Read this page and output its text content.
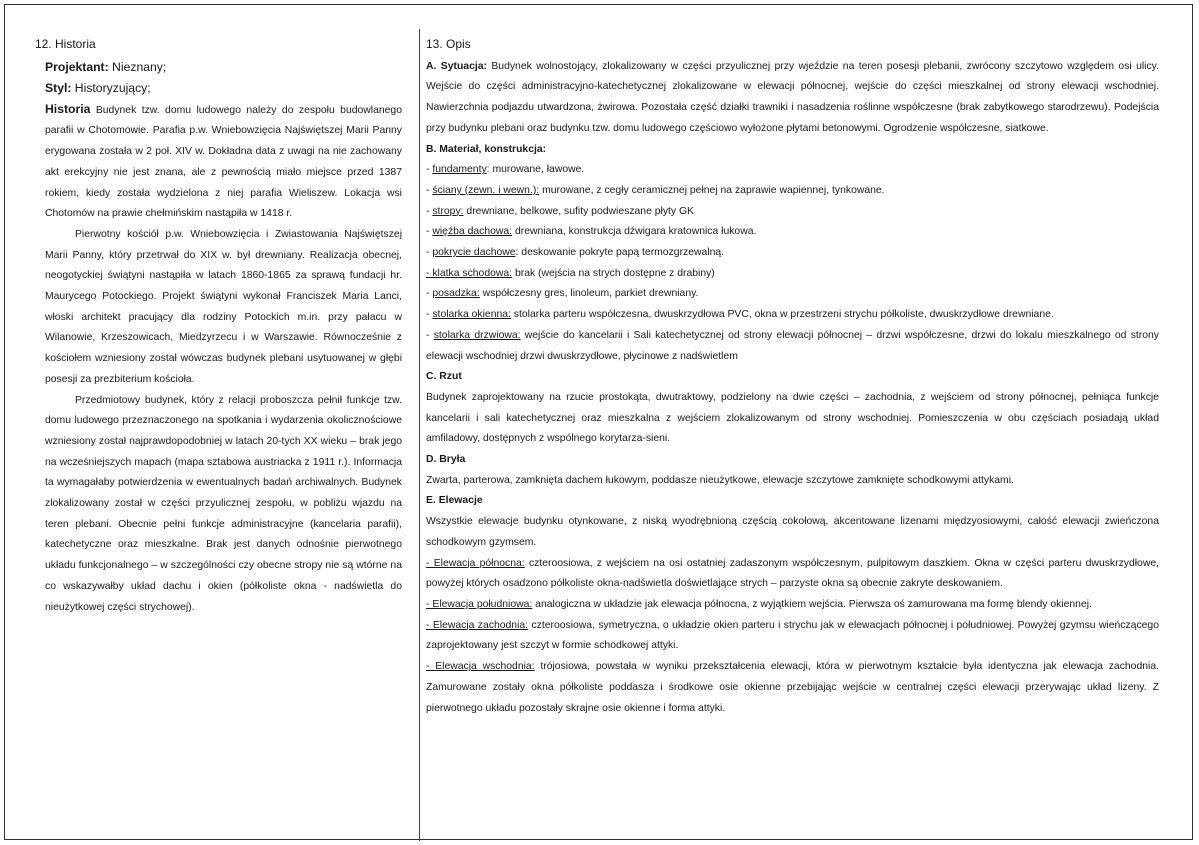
12. Historia
Projektant: Nieznany;
Styl: Historyzujący;

Historia Budynek tzw. domu ludowego należy do zespołu budowlanego parafii w Chotomowie. Parafia p.w. Wniebowzięcia Najświętszej Marii Panny erygowana została w 2 poł. XIV w. Dokładna data z uwagi na nie zachowany akt erekcyjny nie jest znana, ale z pewnością miało miejsce przed 1387 rokiem, kiedy została wydzielona z niej parafia Wieliszew. Lokacja wsi Chotomów na prawie chełmińskim nastąpiła w 1418 r.

Pierwotny kościół p.w. Wniebowzięcia i Zwiastowania Najświętszej Marii Panny, który przetrwał do XIX w. był drewniany. Realizacja obecnej, neogotyckiej świątyni nastąpiła w latach 1860-1865 za sprawą fundacji hr. Maurycego Potockiego. Projekt świątyni wykonał Franciszek Maria Lanci, włoski architekt pracujący dla rodziny Potockich m.in. przy pałacu w Wilanowie, Krzeszowicach, Miedzyrzecu i w Warszawie. Równocześnie z kościołem wzniesiony został wówczas budynek plebani usytuowanej w głębi posesji za prezbiterium kościoła.

Przedmiotowy budynek, który z relacji proboszcza pełnił funkcje tzw. domu ludowego przeznaczonego na spotkania i wydarzenia okolicznościowe wzniesiony został najprawdopodobniej w latach 20-tych XX wieku – brak jego na wcześniejszych mapach (mapa sztabowa austriacka z 1911 r.). Informacja ta wymagałaby potwierdzenia w ewentualnych badań archiwalnych. Budynek zlokalizowany został w części przyulicznej zespołu, w pobliżu wjazdu na teren plebani. Obecnie pełni funkcje administracyjne (kancelaria parafii), katechetyczne oraz mieszkalne. Brak jest danych odnośnie pierwotnego układu funkcjonalnego – w szczególności czy obecne stropy nie są wtórne na co wskazywałby układ dachu i okien (półkoliste okna - nadświetla do nieużytkowej części strychowej).

13. Opis

A. Sytuacja: Budynek wolnostojący, zlokalizowany w części przyulicznej przy wjeździe na teren posesji plebanii, zwrócony szczytowo względem osi ulicy. Wejście do części administracyjno-katechetycznej zlokalizowane w elewacji północnej, wejście do części mieszkalnej od strony elewacji wschodniej. Nawierzchnia podjazdu utwardzona, żwirowa. Pozostała część działki trawniki i nasadzenia roślinne współczesne (brak zabytkowego starodrzewu). Podejścia przy budynku plebani oraz budynku tzw. domu ludowego częściowo wyłożone płytami betonowymi. Ogrodzenie współczesne, siatkowe.

B. Materiał, konstrukcja:

- fundamenty: murowane, ławowe.

- ściany (zewn. i wewn.): murowane, z cegły ceramicznej pełnej na zaprawie wapiennej, tynkowane.

- stropy: drewniane, belkowe, sufity podwieszane płyty GK

- więźba dachowa: drewniana, konstrukcja dźwigara kratownica łukowa.

- pokrycie dachowe: deskowanie pokryte papą termozgrzewalną.

- klatka schodowa: brak (wejścia na strych dostępne z drabiny)

- posadzka: współczesny gres, linoleum, parkiet drewniany.

- stolarka okienna: stolarka parteru współczesna, dwuskrzydłowa PVC, okna w przestrzeni strychu półkoliste, dwuskrzydłowe drewniane.

- stolarka drzwiowa: wejście do kancelarii i Sali katechetycznej od strony elewacji północnej – drzwi współczesne, drzwi do lokalu mieszkalnego od strony elewacji wschodniej drzwi dwuskrzydłowe, płycinowe z nadświetlem

C. Rzut

Budynek zaprojektowany na rzucie prostokąta, dwutraktowy, podzielony na dwie części – zachodnia, z wejściem od strony północnej, pełniąca funkcje kancelarii i sali katechetycznej oraz mieszkalna z wejściem zlokalizowanym od strony wschodniej. Pomieszczenia w obu częściach posiadają układ amfiladowy, dostępnych z wspólnego korytarza-sieni.

D. Bryła

Zwarta, parterowa, zamknięta dachem łukowym, poddasze nieużytkowe, elewacje szczytowe zamknięte schodkowymi attykami.

E. Elewacje

Wszystkie elewacje budynku otynkowane, z niską wyodrębnioną częścią cokołową, akcentowane lizenami międzyosiowymi, całość elewacji zwieńczona schodkowym gzymsem.

- Elewacja północna: czteroosiowa, z wejściem na osi ostatniej zadaszonym współczesnym, pulpitowym daszkiem. Okna w części parteru dwuskrzydłowe, powyżej których osadzono półkoliste okna-nadświetla doświetlające strych – parzyste okna są obecnie zakryte deskowaniem.

- Elewacja południowa: analogiczna w układzie jak elewacja północna, z wyjątkiem wejścia. Pierwsza oś zamurowana ma formę blendy okiennej.

- Elewacja zachodnia: czteroosiowa, symetryczna, o układzie okien parteru i strychu jak w elewacjach północnej i południowej. Powyżej gzymsu wieńczącego zaprojektowany jest szczyt w formie schodkowej attyki.

- Elewacja wschodnia: trójosiowa, powstała w wyniku przekształcenia elewacji, która w pierwotnym kształcie była identyczna jak elewacja zachodnia. Zamurowane zostały okna półkoliste poddasza i środkowe osie okienne przebijając wejście w centralnej części elewacji przerywając układ lizeny. Z pierwotnego układu pozostały skrajne osie okienne i forma attyki.
